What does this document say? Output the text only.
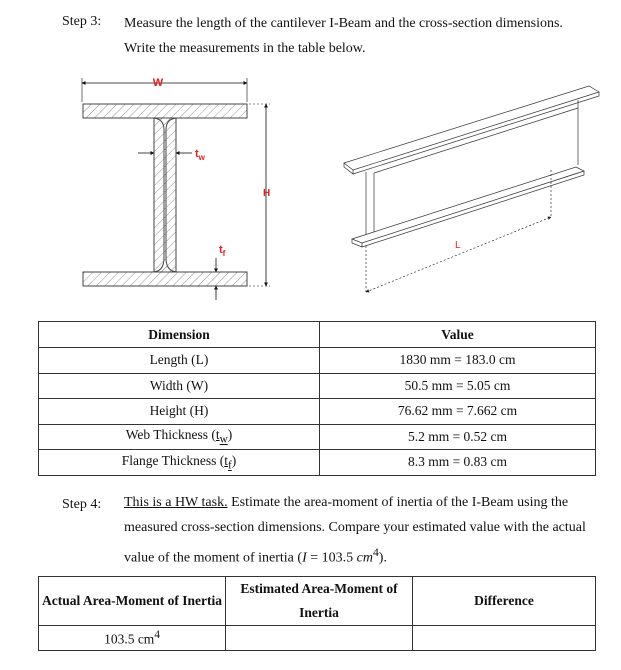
Step 3: Measure the length of the cantilever I-Beam and the cross-section dimensions.
Write the measurements in the table below.
W
$t_w$
$t_f$
H
L
Dimension	Value
Length (L)	1830 mm = 183.0 cm
Width (W)	50.5 mm = 5.05 cm
Height (H)	76.62 mm = 7.662 cm
Web Thickness $(t_w)$	5.2 mm = 0.52 cm
Flange Thickness $(t_f)$	8.3 mm = 0.83 cm
Step 4: This is a HW task. Estimate the area-moment of inertia of the I-Beam using the measured cross-section dimensions. Compare your estimated value with the actual value of the moment of inertia (I = 103.5 $cm^4$).
Actual Area-Moment of Inertia	Estimated Area-Moment of Inertia	Difference
103.5 $cm^4$		
